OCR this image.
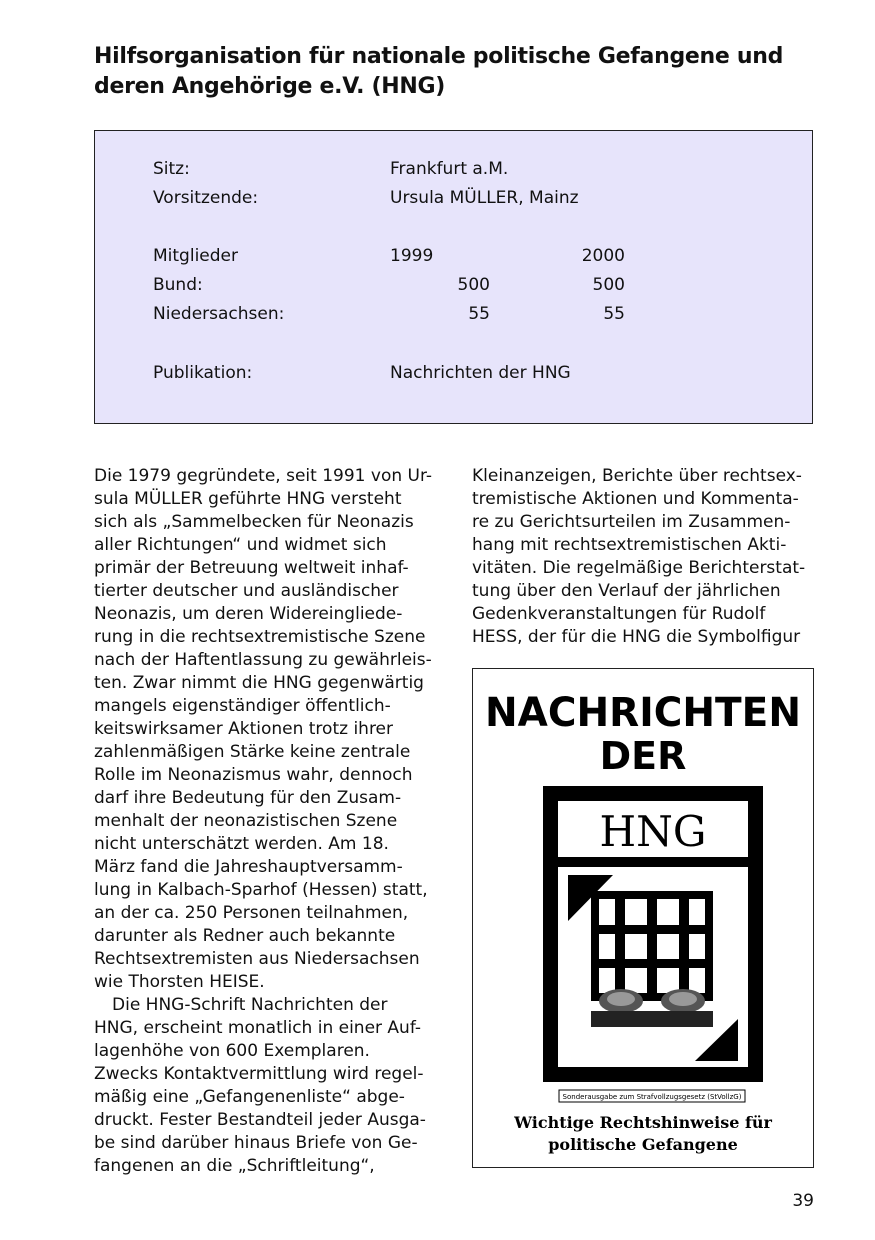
Hilfsorganisation für nationale politische Gefangene und
deren Angehörige e.V. (HNG)
Sitz:	Frankfurt a.M.
Vorsitzende:	Ursula MÜLLER, Mainz
Mitglieder	1999	2000
Bund:	500	500
Niedersachsen:	55	55
Publikation:	Nachrichten der HNG
Die 1979 gegründete, seit 1991 von Ur-
sula MÜLLER geführte HNG versteht
sich als „Sammelbecken für Neonazis
aller Richtungen“ und widmet sich
primär der Betreuung weltweit inhaf-
tierter deutscher und ausländischer
Neonazis, um deren Widereingliede-
rung in die rechtsextremistische Szene
nach der Haftentlassung zu gewährleis-
ten. Zwar nimmt die HNG gegenwärtig
mangels eigenständiger öffentlich-
keitswirksamer Aktionen trotz ihrer
zahlenmäßigen Stärke keine zentrale
Rolle im Neonazismus wahr, dennoch
darf ihre Bedeutung für den Zusam-
menhalt der neonazistischen Szene
nicht unterschätzt werden. Am 18.
März fand die Jahreshauptversamm-
lung in Kalbach-Sparhof (Hessen) statt,
an der ca. 250 Personen teilnahmen,
darunter als Redner auch bekannte
Rechtsextremisten aus Niedersachsen
wie Thorsten HEISE.
Die HNG-Schrift Nachrichten der
HNG, erscheint monatlich in einer Auf-
lagenhöhe von 600 Exemplaren.
Zwecks Kontaktvermittlung wird regel-
mäßig eine „Gefangenenliste“ abge-
druckt. Fester Bestandteil jeder Ausga-
be sind darüber hinaus Briefe von Ge-
fangenen an die „Schriftleitung“,
Kleinanzeigen, Berichte über rechtsex-
tremistische Aktionen und Kommenta-
re zu Gerichtsurteilen im Zusammen-
hang mit rechtsextremistischen Akti-
vitäten. Die regelmäßige Berichterstat-
tung über den Verlauf der jährlichen
Gedenkveranstaltungen für Rudolf
HESS, der für die HNG die Symbolfigur
NACHRICHTEN
DER
HNG
Sonderausgabe zum Strafvollzugsgesetz (StVollzG)
Wichtige Rechtshinweise für
politische Gefangene
39
